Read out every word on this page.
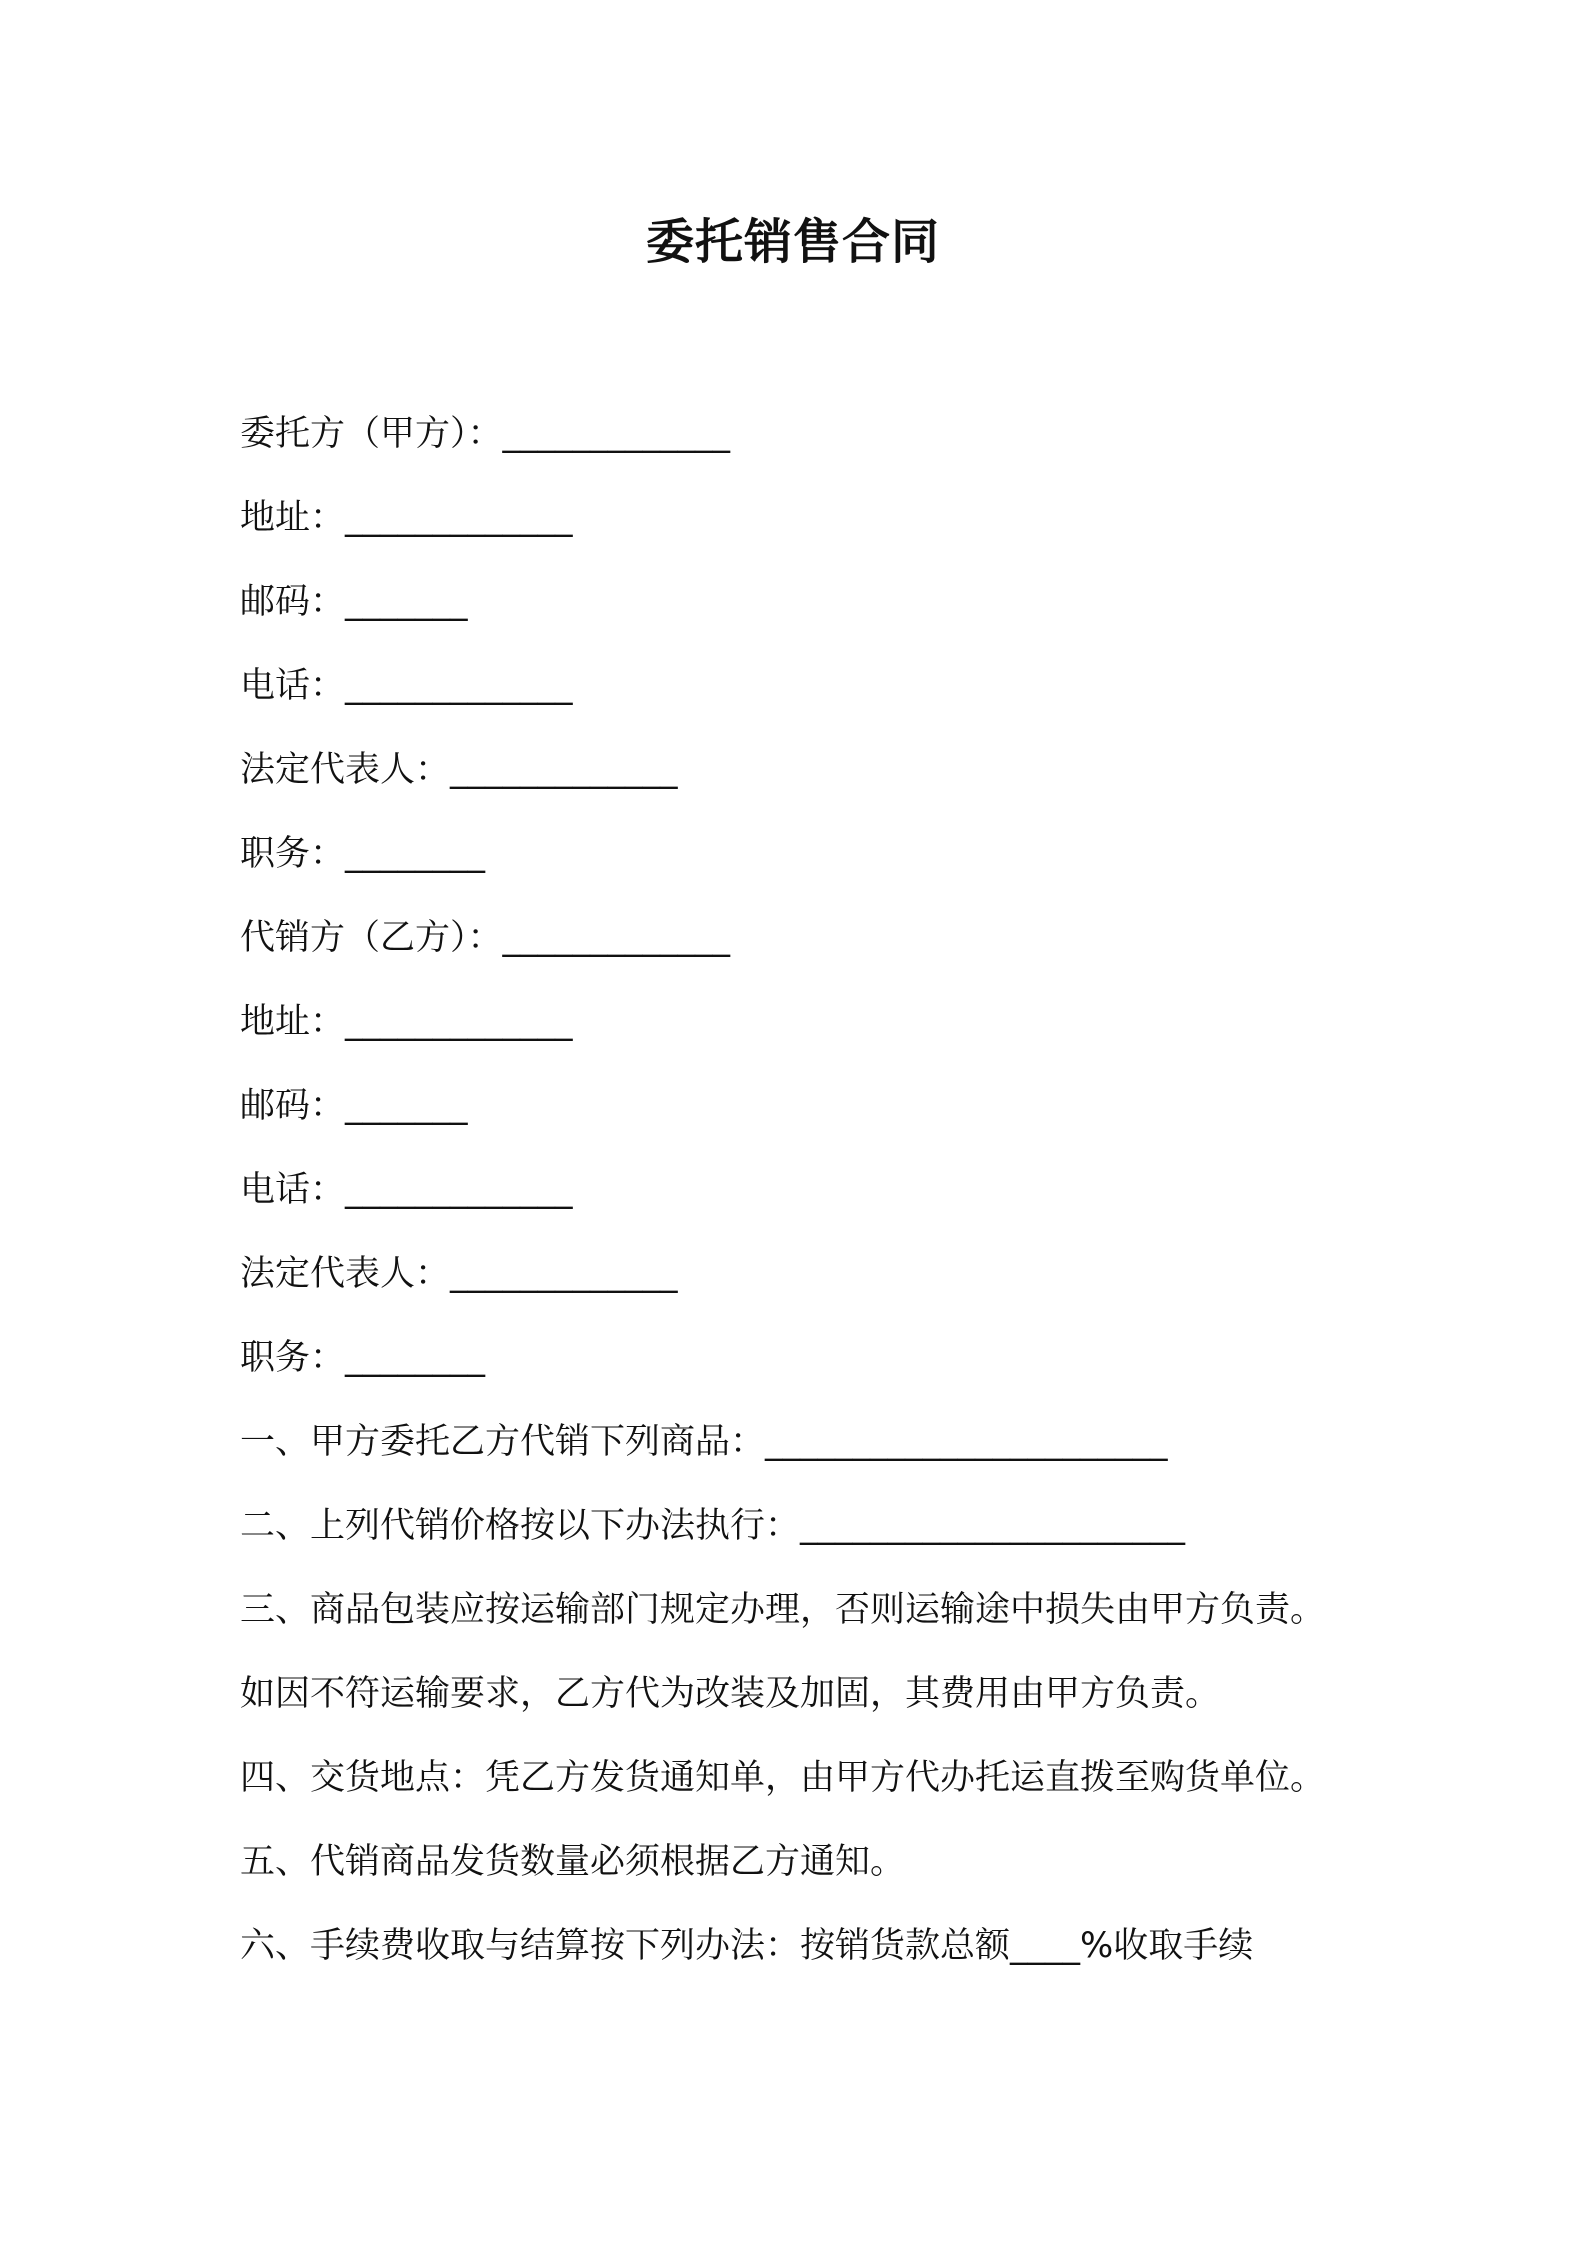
委托销售合同
委托方（甲方）：_____________
地址：_____________
邮码：_______
电话：_____________
法定代表人：_____________
职务：________
代销方（乙方）：_____________
地址：_____________
邮码：_______
电话：_____________
法定代表人：_____________
职务：________
一、甲方委托乙方代销下列商品：_______________________
二、上列代销价格按以下办法执行：______________________
三、商品包装应按运输部门规定办理，否则运输途中损失由甲方负责。
如因不符运输要求，乙方代为改装及加固，其费用由甲方负责。
四、交货地点：凭乙方发货通知单，由甲方代办托运直拨至购货单位。
五、代销商品发货数量必须根据乙方通知。
六、手续费收取与结算按下列办法：按销货款总额____%收取手续
